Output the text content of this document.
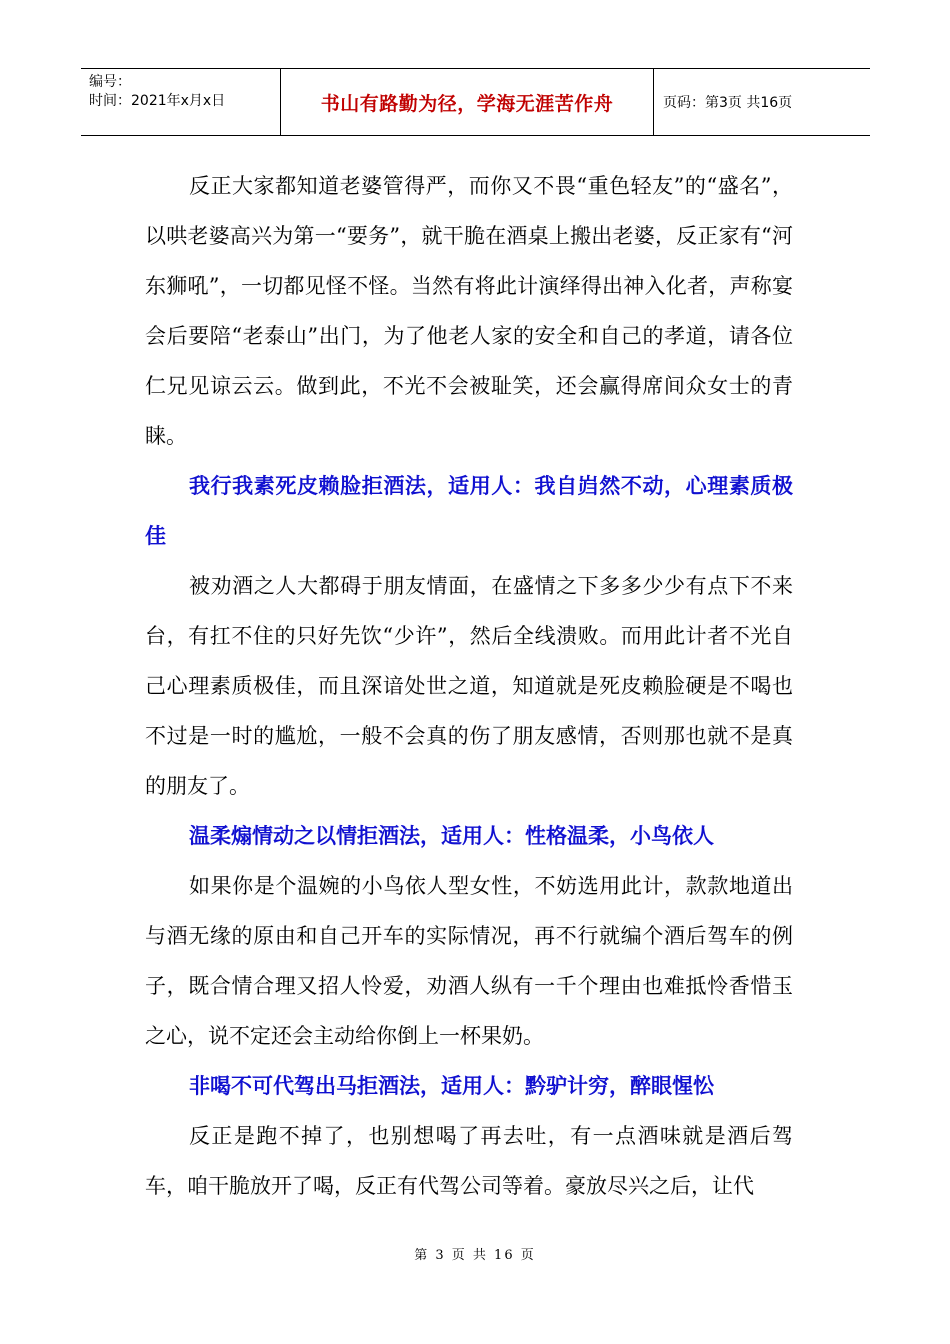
编号：
时间：2021年x月x日	书山有路勤为径，学海无涯苦作舟	页码：第3页 共16页

反正大家都知道老婆管得严，而你又不畏“重色轻友”的“盛名”，以哄老婆高兴为第一“要务”，就干脆在酒桌上搬出老婆，反正家有“河东狮吼”，一切都见怪不怪。当然有将此计演绎得出神入化者，声称宴会后要陪“老泰山”出门，为了他老人家的安全和自己的孝道，请各位仁兄见谅云云。做到此，不光不会被耻笑，还会赢得席间众女士的青睐。

我行我素死皮赖脸拒酒法，适用人：我自岿然不动，心理素质极佳

被劝酒之人大都碍于朋友情面，在盛情之下多多少少有点下不来台，有扛不住的只好先饮“少许”，然后全线溃败。而用此计者不光自己心理素质极佳，而且深谙处世之道，知道就是死皮赖脸硬是不喝也不过是一时的尴尬，一般不会真的伤了朋友感情，否则那也就不是真的朋友了。

温柔煽情动之以情拒酒法，适用人：性格温柔，小鸟依人

如果你是个温婉的小鸟依人型女性，不妨选用此计，款款地道出与酒无缘的原由和自己开车的实际情况，再不行就编个酒后驾车的例子，既合情合理又招人怜爱，劝酒人纵有一千个理由也难抵怜香惜玉之心，说不定还会主动给你倒上一杯果奶。

非喝不可代驾出马拒酒法，适用人：黔驴计穷，醉眼惺忪

反正是跑不掉了，也别想喝了再去吐，有一点酒味就是酒后驾车，咱干脆放开了喝，反正有代驾公司等着。豪放尽兴之后，让代

第 3 页 共 16 页
